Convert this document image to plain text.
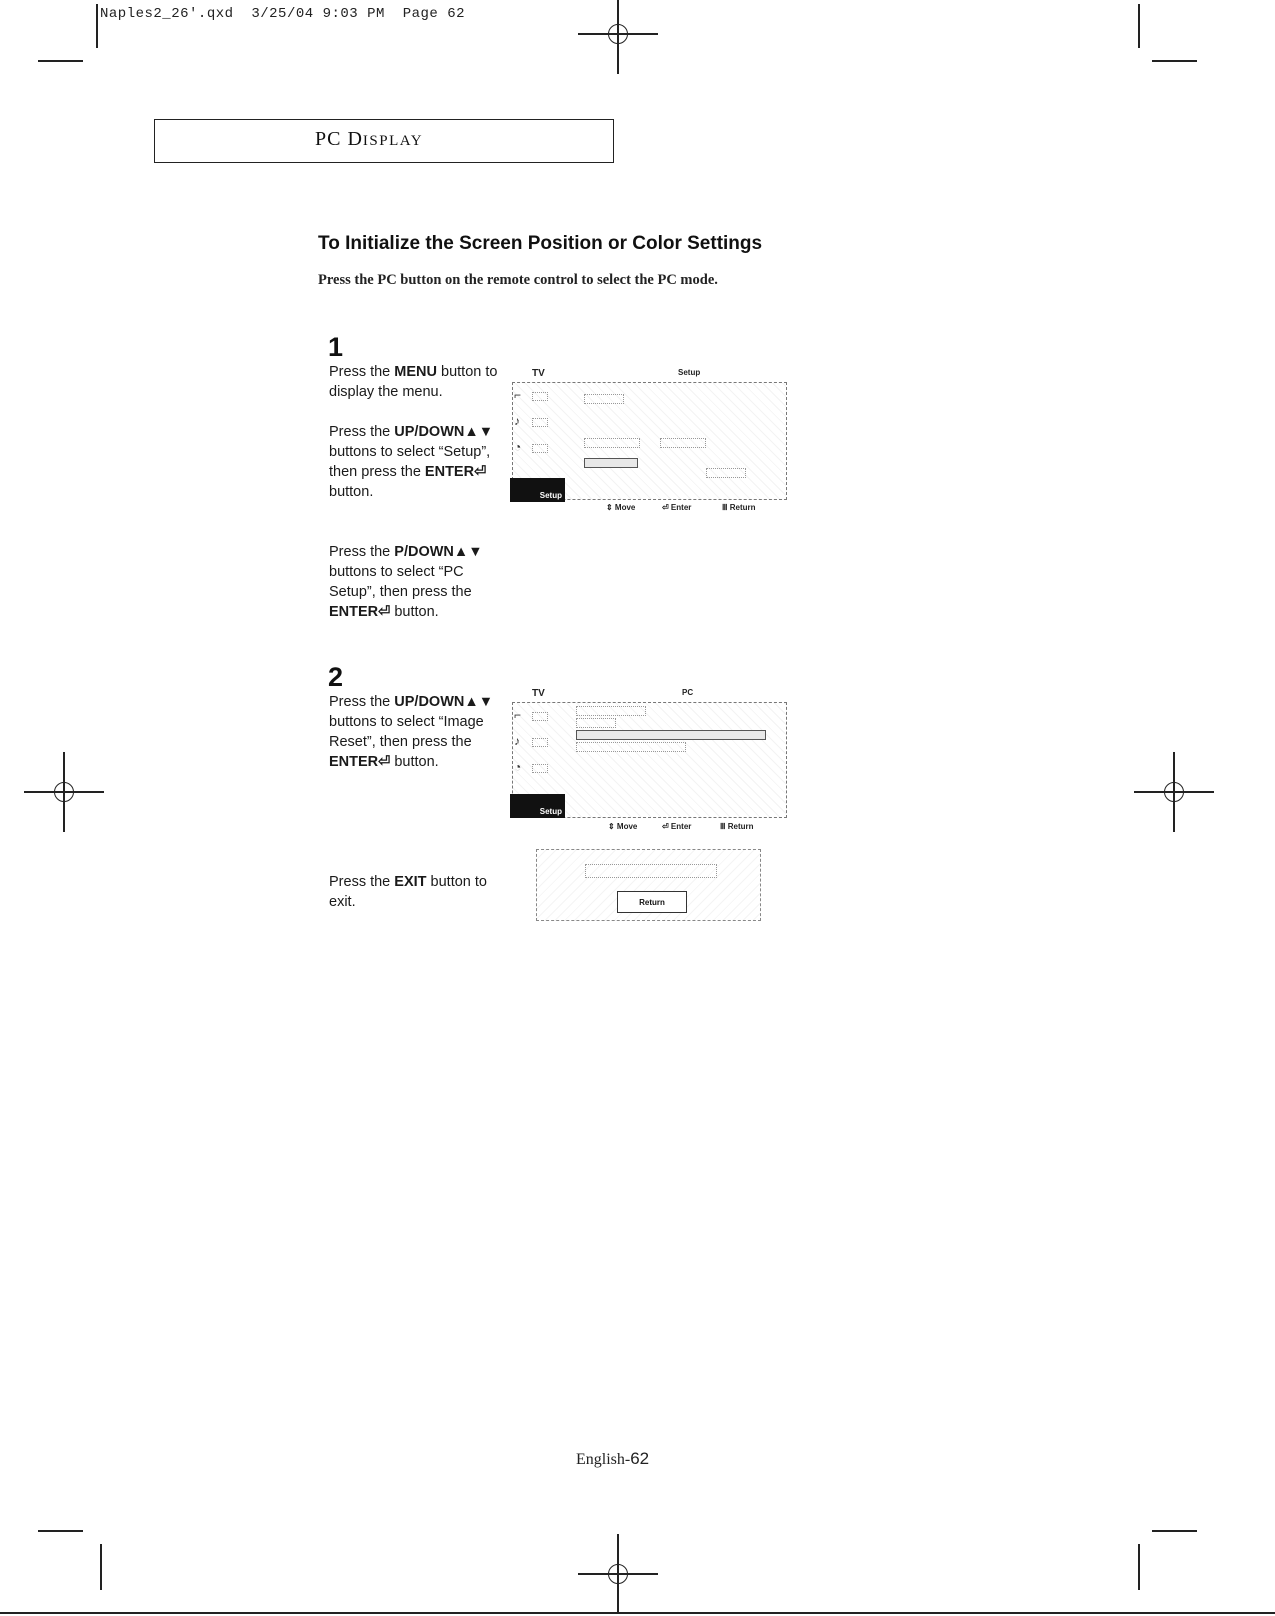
Naples2_26'.qxd 3/25/04 9:03 PM Page 62
PC DISPLAY
To Initialize the Screen Position or Color Settings
Press the PC button on the remote control to select the PC mode.
1
Press the MENU button to display the menu.
Press the UP/DOWN▲▼ buttons to select “Setup”, then press the ENTER⏎ button.
Press the P/DOWN▲▼ buttons to select “PC Setup”, then press the ENTER⏎ button.
TV	Setup
⌐

♪

◔

Setup
⇕ Move	⏎ Enter	Ⅲ Return
2
Press the UP/DOWN▲▼ buttons to select “Image Reset”, then press the ENTER⏎ button.
Press the EXIT button to exit.
TV	PC
⌐

♪

◔

Setup
⇕ Move	⏎ Enter	Ⅲ Return
Return
English-62
